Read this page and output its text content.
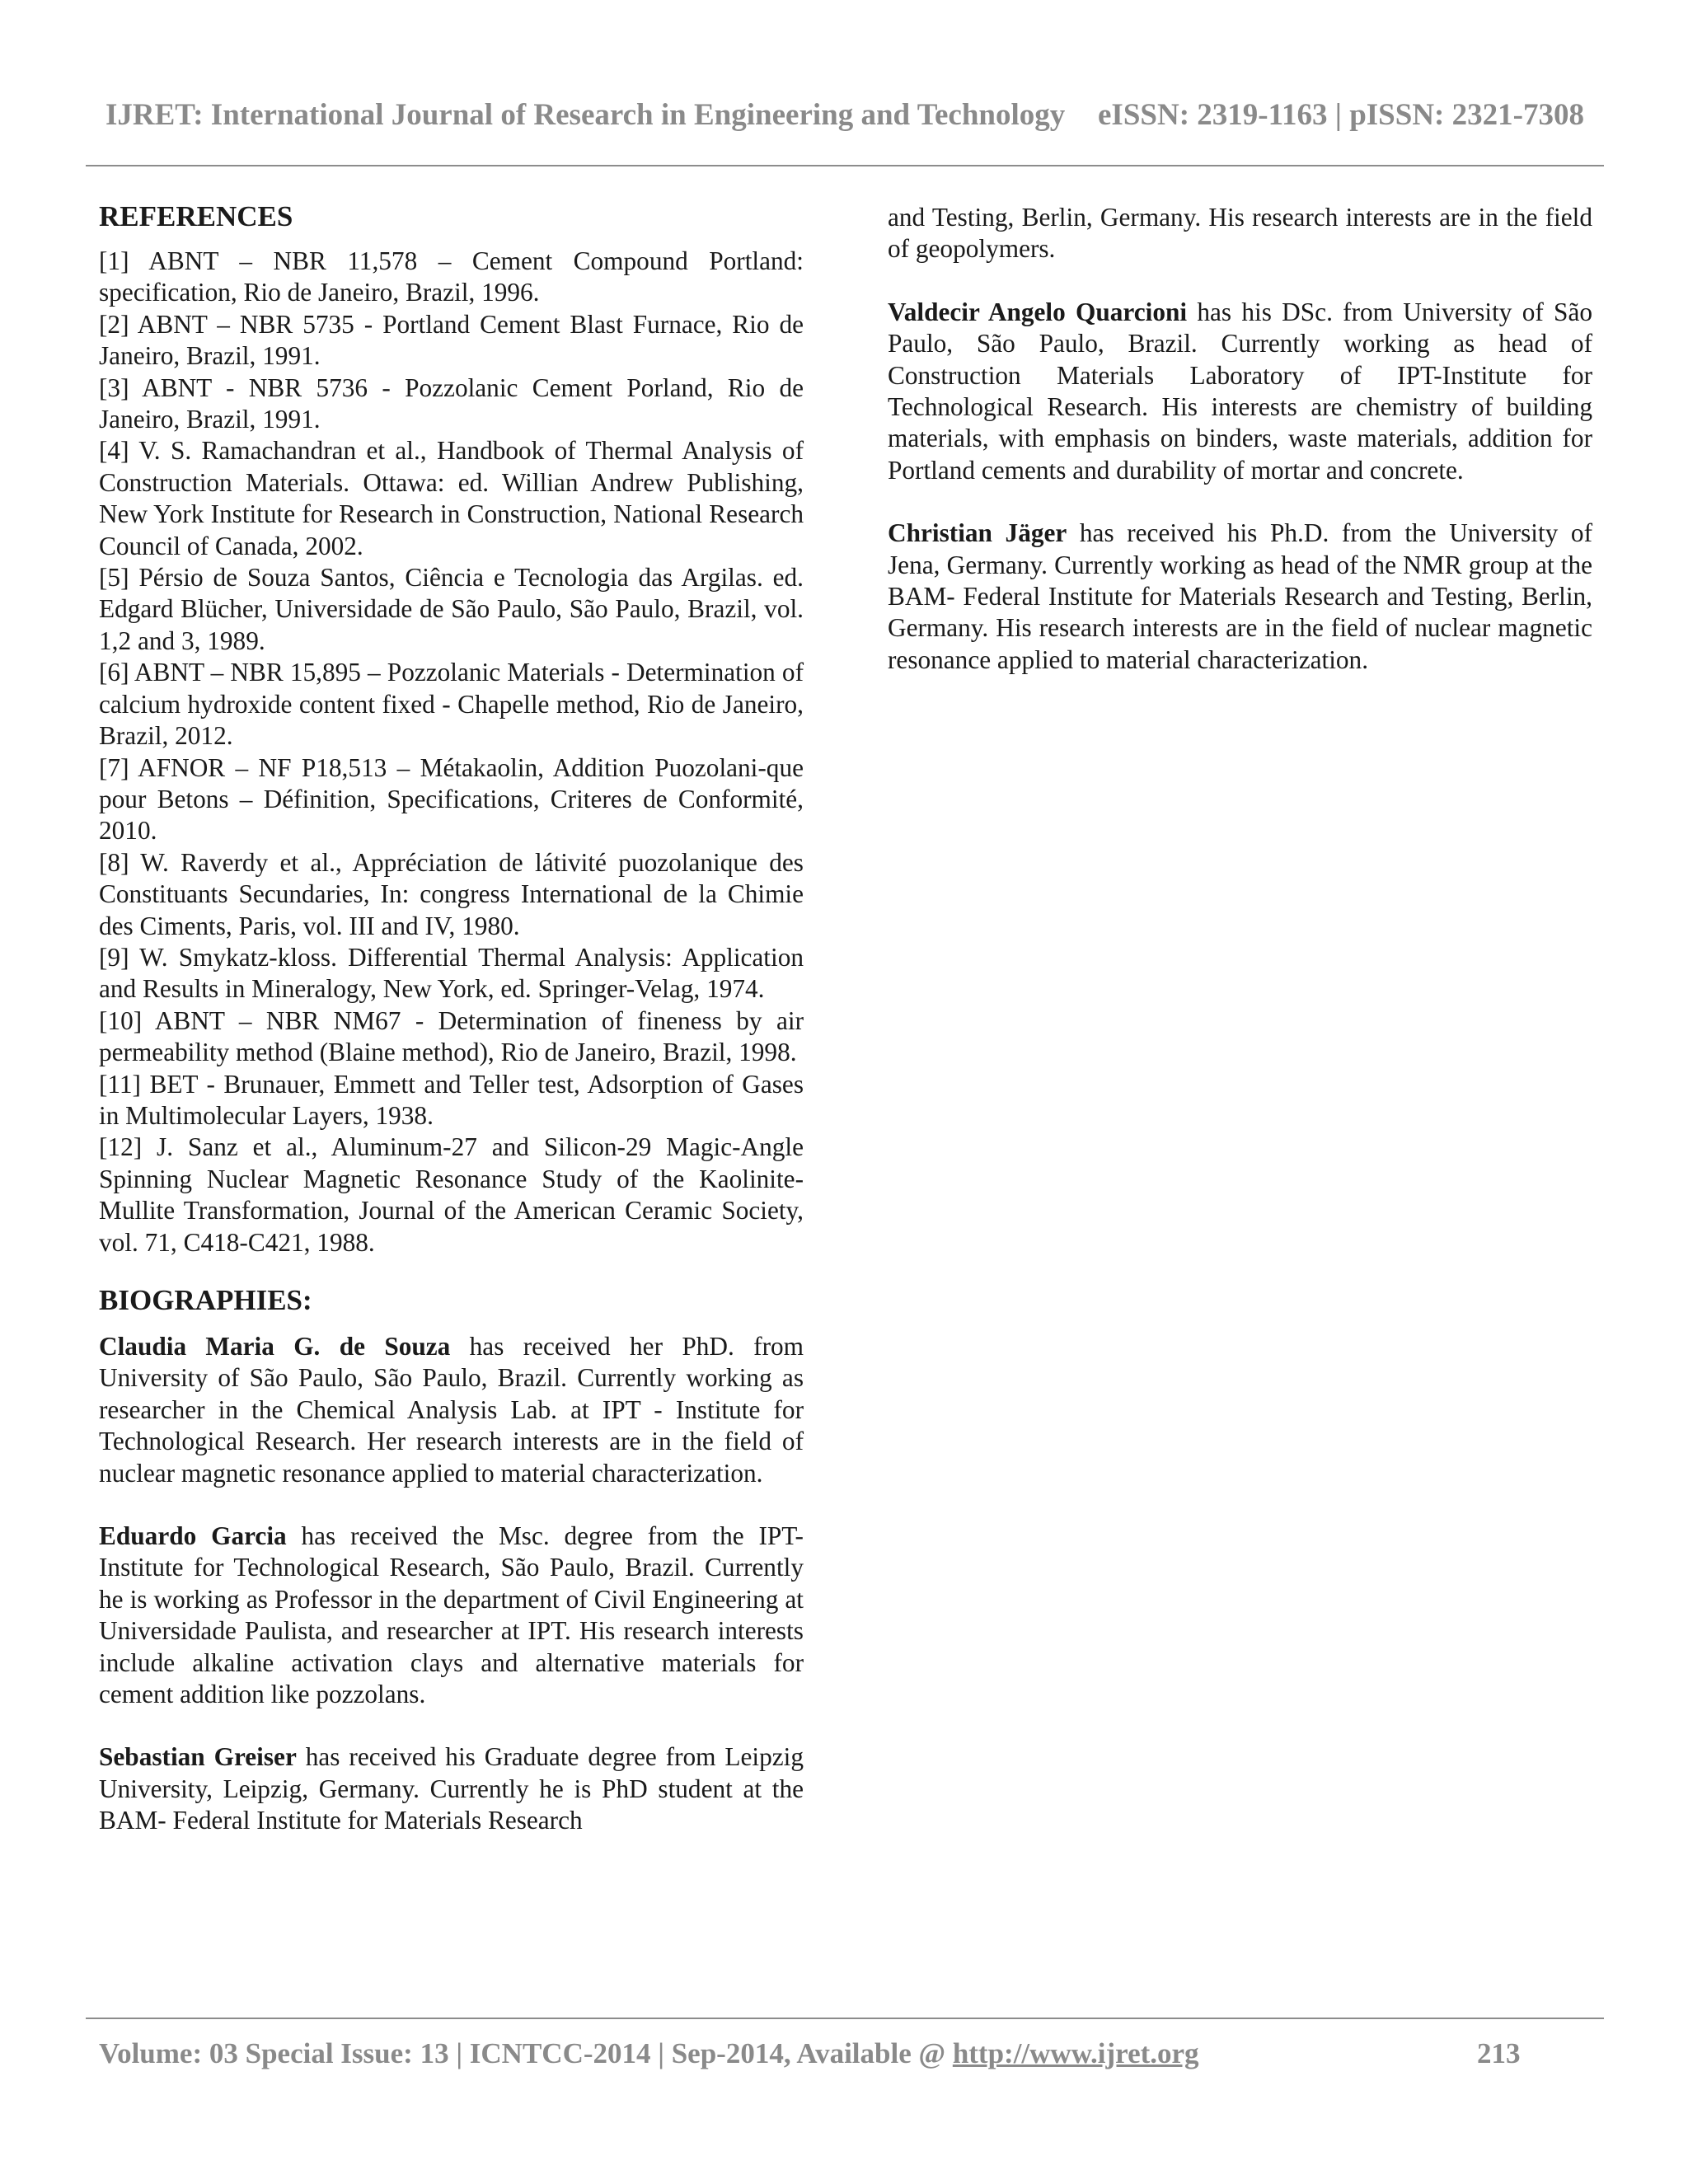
IJRET: International Journal of Research in Engineering and Technology eISSN: 2319-1163 | pISSN: 2321-7308
REFERENCES

[1] ABNT – NBR 11,578 – Cement Compound Portland: specification, Rio de Janeiro, Brazil, 1996.

[2] ABNT – NBR 5735 - Portland Cement Blast Furnace, Rio de Janeiro, Brazil, 1991.

[3] ABNT - NBR 5736 - Pozzolanic Cement Porland, Rio de Janeiro, Brazil, 1991.

[4] V. S. Ramachandran et al., Handbook of Thermal Analysis of Construction Materials. Ottawa: ed. Willian Andrew Publishing, New York Institute for Research in Construction, National Research Council of Canada, 2002.

[5] Pérsio de Souza Santos, Ciência e Tecnologia das Argilas. ed. Edgard Blücher, Universidade de São Paulo, São Paulo, Brazil, vol. 1,2 and 3, 1989.

[6] ABNT – NBR 15,895 – Pozzolanic Materials - Determination of calcium hydroxide content fixed - Chapelle method, Rio de Janeiro, Brazil, 2012.

[7] AFNOR – NF P18,513 – Métakaolin, Addition Puozolani-que pour Betons – Définition, Specifications, Criteres de Conformité, 2010.

[8] W. Raverdy et al., Appréciation de látivité puozolanique des Constituants Secundaries, In: congress International de la Chimie des Ciments, Paris, vol. III and IV, 1980.

[9] W. Smykatz-kloss. Differential Thermal Analysis: Application and Results in Mineralogy, New York, ed. Springer-Velag, 1974.

[10] ABNT – NBR NM67 - Determination of fineness by air permeability method (Blaine method), Rio de Janeiro, Brazil, 1998.

[11] BET - Brunauer, Emmett and Teller test, Adsorption of Gases in Multimolecular Layers, 1938.

[12] J. Sanz et al., Aluminum-27 and Silicon-29 Magic-Angle Spinning Nuclear Magnetic Resonance Study of the Kaolinite-Mullite Transformation, Journal of the American Ceramic Society, vol. 71, C418-C421, 1988.

BIOGRAPHIES:

Claudia Maria G. de Souza has received her PhD. from University of São Paulo, São Paulo, Brazil. Currently working as researcher in the Chemical Analysis Lab. at IPT - Institute for Technological Research. Her research interests are in the field of nuclear magnetic resonance applied to material characterization.

Eduardo Garcia has received the Msc. degree from the IPT-Institute for Technological Research, São Paulo, Brazil. Currently he is working as Professor in the department of Civil Engineering at Universidade Paulista, and researcher at IPT. His research interests include alkaline activation clays and alternative materials for cement addition like pozzolans.

Sebastian Greiser has received his Graduate degree from Leipzig University, Leipzig, Germany. Currently he is PhD student at the BAM- Federal Institute for Materials Research

and Testing, Berlin, Germany. His research interests are in the field of geopolymers.

Valdecir Angelo Quarcioni has his DSc. from University of São Paulo, São Paulo, Brazil. Currently working as head of Construction Materials Laboratory of IPT-Institute for Technological Research. His interests are chemistry of building materials, with emphasis on binders, waste materials, addition for Portland cements and durability of mortar and concrete.

Christian Jäger has received his Ph.D. from the University of Jena, Germany. Currently working as head of the NMR group at the BAM- Federal Institute for Materials Research and Testing, Berlin, Germany. His research interests are in the field of nuclear magnetic resonance applied to material characterization.

Volume: 03 Special Issue: 13 | ICNTCC-2014 | Sep-2014, Available @ http://www.ijret.org	213
